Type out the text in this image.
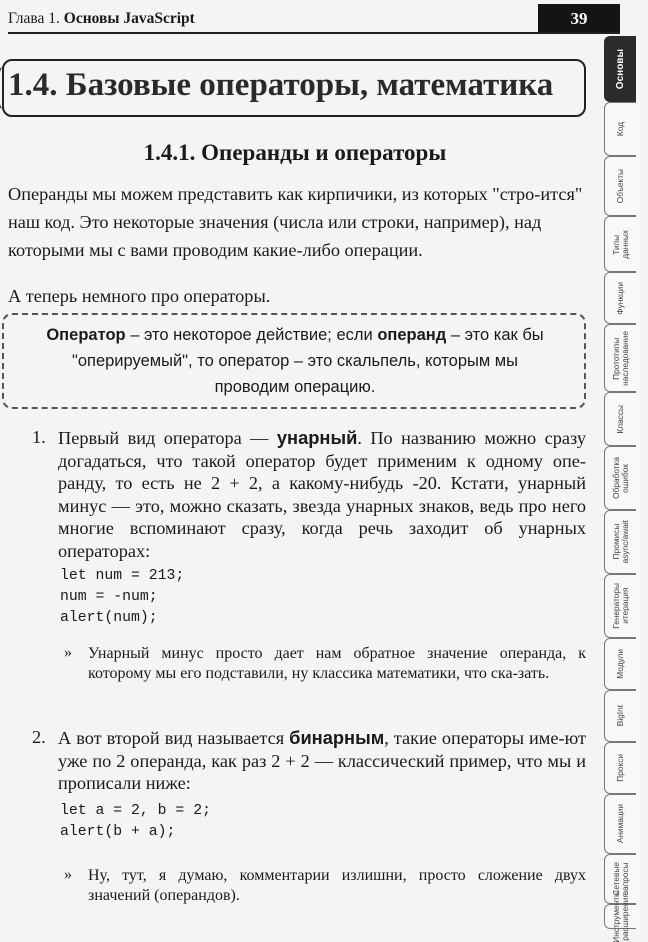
Глава 1. Основы JavaScript	39
1.4. Базовые операторы, математика
1.4.1. Операнды и операторы
Операнды мы можем представить как кирпичики, из которых "стро-ится" наш код. Это некоторые значения (числа или строки, например), над которыми мы с вами проводим какие-либо операции.
А теперь немного про операторы.
Оператор – это некоторое действие; если операнд – это как бы "оперируемый", то оператор – это скальпель, которым мы проводим операцию.
1. Первый вид оператора — унарный. По названию можно сразу догадаться, что такой оператор будет применим к одному опе-ранду, то есть не 2 + 2, а какому-нибудь -20. Кстати, унарный минус — это, можно сказать, звезда унарных знаков, ведь про него многие вспоминают сразу, когда речь заходит об унарных операторах:
let num = 213;
num = -num;
alert(num);
» Унарный минус просто дает нам обратное значение операнда, к которому мы его подставили, ну классика математики, что ска-зать.
2. А вот второй вид называется бинарным, такие операторы име-ют уже по 2 операнда, как раз 2 + 2 — классический пример, что мы и прописали ниже:
let a = 2, b = 2;
alert(b + a);
» Ну, тут, я думаю, комментарии излишни, просто сложение двух значений (операндов).
Основы
Код
Объекты
Типы
данных
Функции
Прототипы
наследование
Классы
Обработка
ошибок
Промисы
async/await
Генераторы
итерация
Модули
BigInt
Прокси
Анимации
Сетевые
запросы
Инструменты
расширения
